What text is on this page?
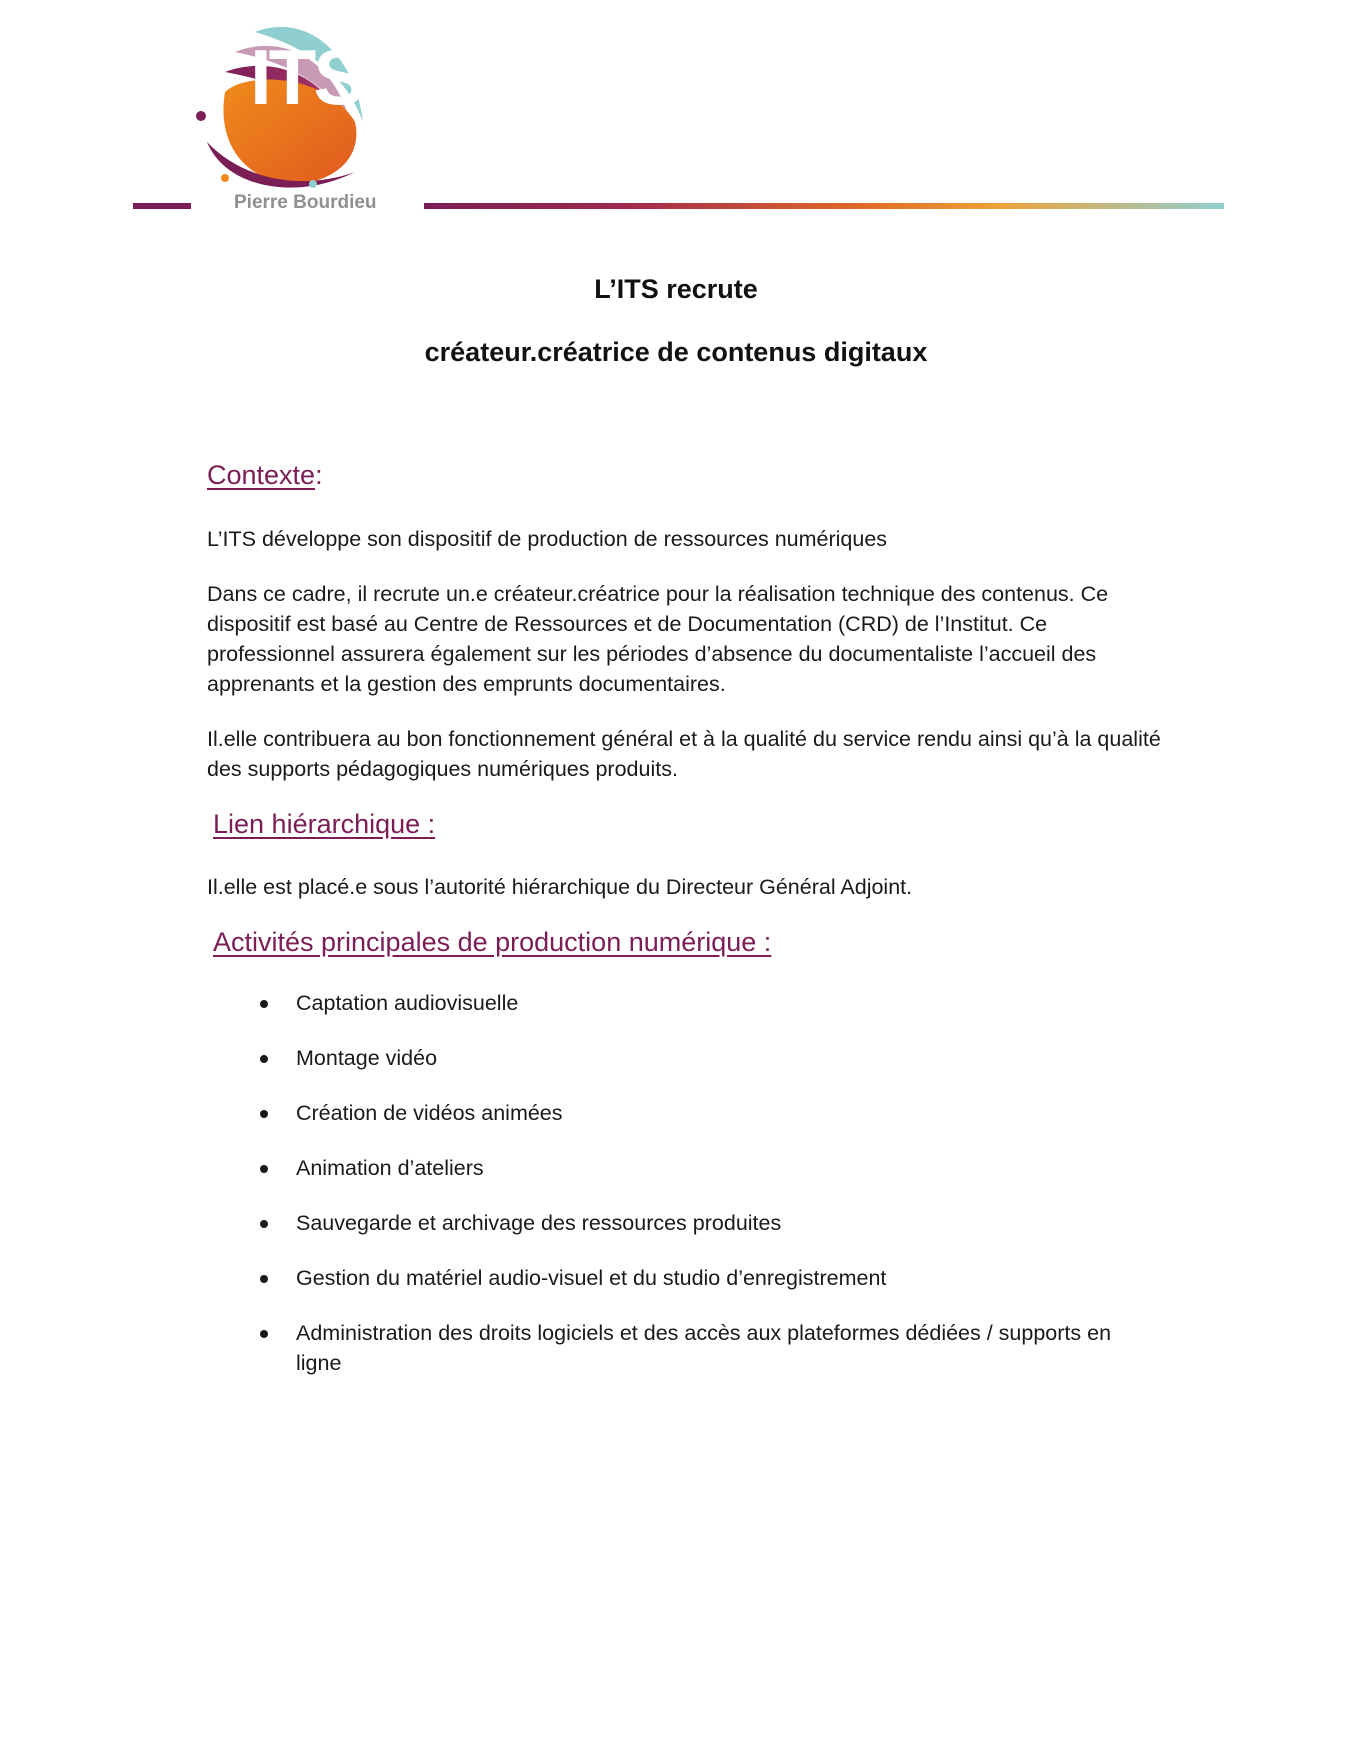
ITS
Pierre Bourdieu
L’ITS recrute
créateur.créatrice de contenus digitaux
Contexte:
L’ITS développe son dispositif de production de ressources numériques
Dans ce cadre, il recrute un.e créateur.créatrice pour la réalisation technique des contenus. Ce dispositif est basé au Centre de Ressources et de Documentation (CRD) de l’Institut. Ce professionnel assurera également sur les périodes d’absence du documentaliste l’accueil des apprenants et la gestion des emprunts documentaires.
Il.elle contribuera au bon fonctionnement général et à la qualité du service rendu ainsi qu’à la qualité des supports pédagogiques numériques produits.
Lien hiérarchique :
Il.elle est placé.e sous l’autorité hiérarchique du Directeur Général Adjoint.
Activités principales de production numérique :
Captation audiovisuelle
Montage vidéo
Création de vidéos animées
Animation d’ateliers
Sauvegarde et archivage des ressources produites
Gestion du matériel audio-visuel et du studio d’enregistrement
Administration des droits logiciels et des accès aux plateformes dédiées / supports en ligne
